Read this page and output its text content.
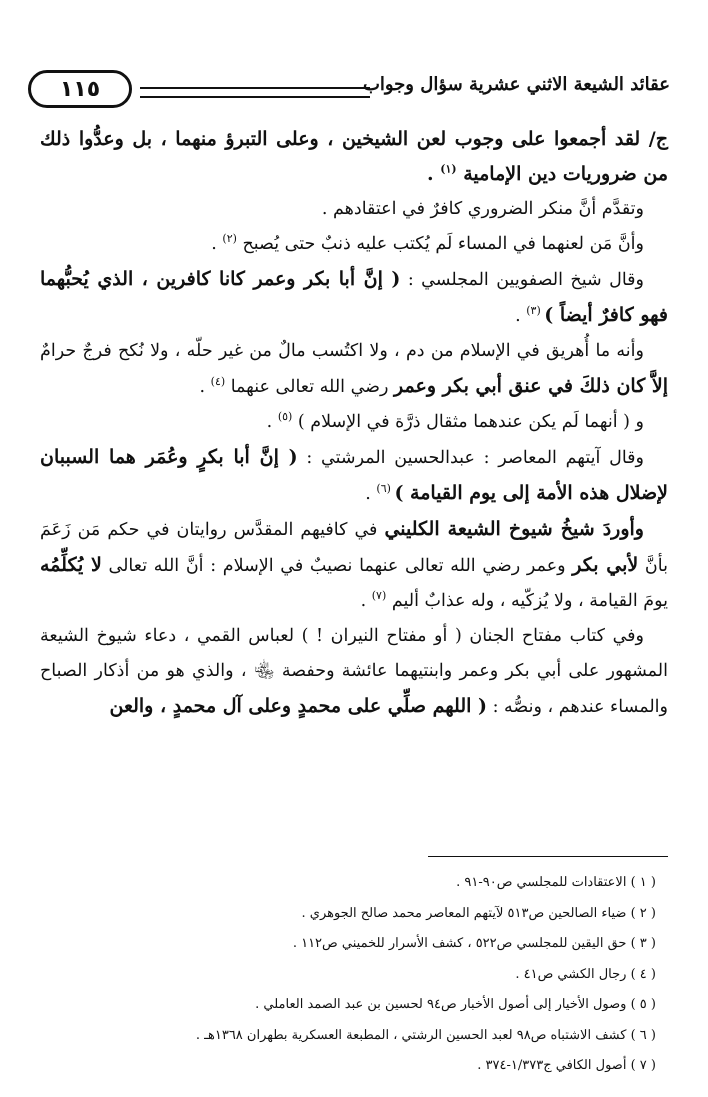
١١٥	عقائد الشيعة الاثني عشرية سؤال وجواب

ج/ لقد أجمعوا على وجوب لعن الشيخين ، وعلى التبرؤ منهما ، بل وعدُّوا ذلك من ضروريات دين الإمامية $^{(١)}$ .

وتقدَّم أنَّ منكر الضروري كافرٌ في اعتقادهم .

وأنَّ مَن لعنهما في المساء لَم يُكتب عليه ذنبٌ حتى يُصبح $^{(٢)}$ .

وقال شيخ الصفويين المجلسي : ( إنَّ أبا بكر وعمر كانا كافرين ، الذي يُحبُّهما فهو كافرٌ أيضاً ) $^{(٣)}$ .

وأنه ما أُهريق في الإسلام من دم ، ولا اكتُسب مالٌ من غير حلّه ، ولا نُكح فرجٌ حرامٌ إلاَّ كان ذلكَ في عنق أبي بكر وعمر رضي الله تعالى عنهما $^{(٤)}$ .

و ( أنهما لَم يكن عندهما مثقال ذرَّة في الإسلام ) $^{(٥)}$ .

وقال آيتهم المعاصر : عبدالحسين المرشتي : ( إنَّ أبا بكرٍ وعُمَر هما السببان لإضلال هذه الأمة إلى يوم القيامة ) $^{(٦)}$ .

وأوردَ شيخُ شيوخ الشيعة الكليني في كافيهم المقدَّس روايتان في حكم مَن زَعَمَ بأنَّ لأبي بكر وعمر رضي الله تعالى عنهما نصيبٌ في الإسلام : أنَّ الله تعالى لا يُكلِّمُه يومَ القيامة ، ولا يُزكّيه ، وله عذابٌ أليم $^{(٧)}$ .

وفي كتاب مفتاح الجنان ( أو مفتاح النيران ! ) لعباس القمي ، دعاء شيوخ الشيعة المشهور على أبي بكر وعمر وابنتيهما عائشة وحفصة ﵄ ، والذي هو من أذكار الصباح والمساء عندهم ، ونصُّه : ( اللهم صلِّي على محمدٍ وعلى آل محمدٍ ، والعن

( ١ ) الاعتقادات للمجلسي ص٩٠-٩١ .
( ٢ ) ضياء الصالحين ص٥١٣ لآيتهم المعاصر محمد صالح الجوهري .
( ٣ ) حق اليقين للمجلسي ص٥٢٢ ، كشف الأسرار للخميني ص١١٢ .
( ٤ ) رجال الكشي ص٤١ .
( ٥ ) وصول الأخيار إلى أصول الأخبار ص٩٤ لحسين بن عبد الصمد العاملي .
( ٦ ) كشف الاشتباه ص٩٨ لعبد الحسين الرشتي ، المطبعة العسكرية بطهران ١٣٦٨هـ .
( ٧ ) أصول الكافي ج١/٣٧٣-٣٧٤ .
